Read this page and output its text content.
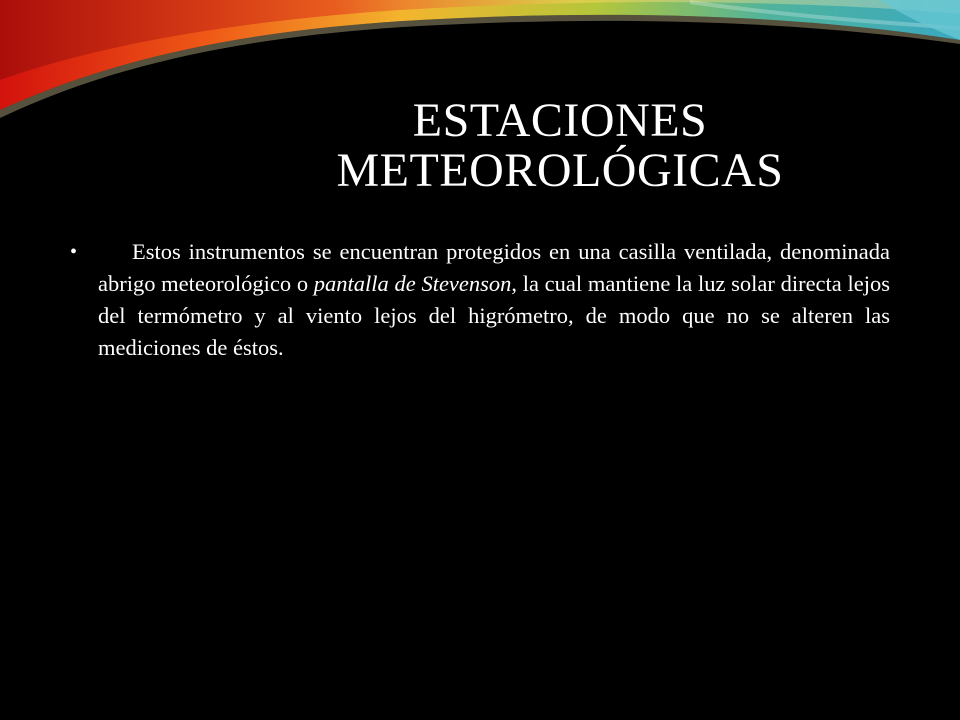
ESTACIONES
METEOROLÓGICAS
•	Estos instrumentos se encuentran protegidos en una casilla ventilada, denominada abrigo meteorológico o pantalla de Stevenson, la cual mantiene la luz solar directa lejos del termómetro y al viento lejos del higrómetro, de modo que no se alteren las mediciones de éstos.
